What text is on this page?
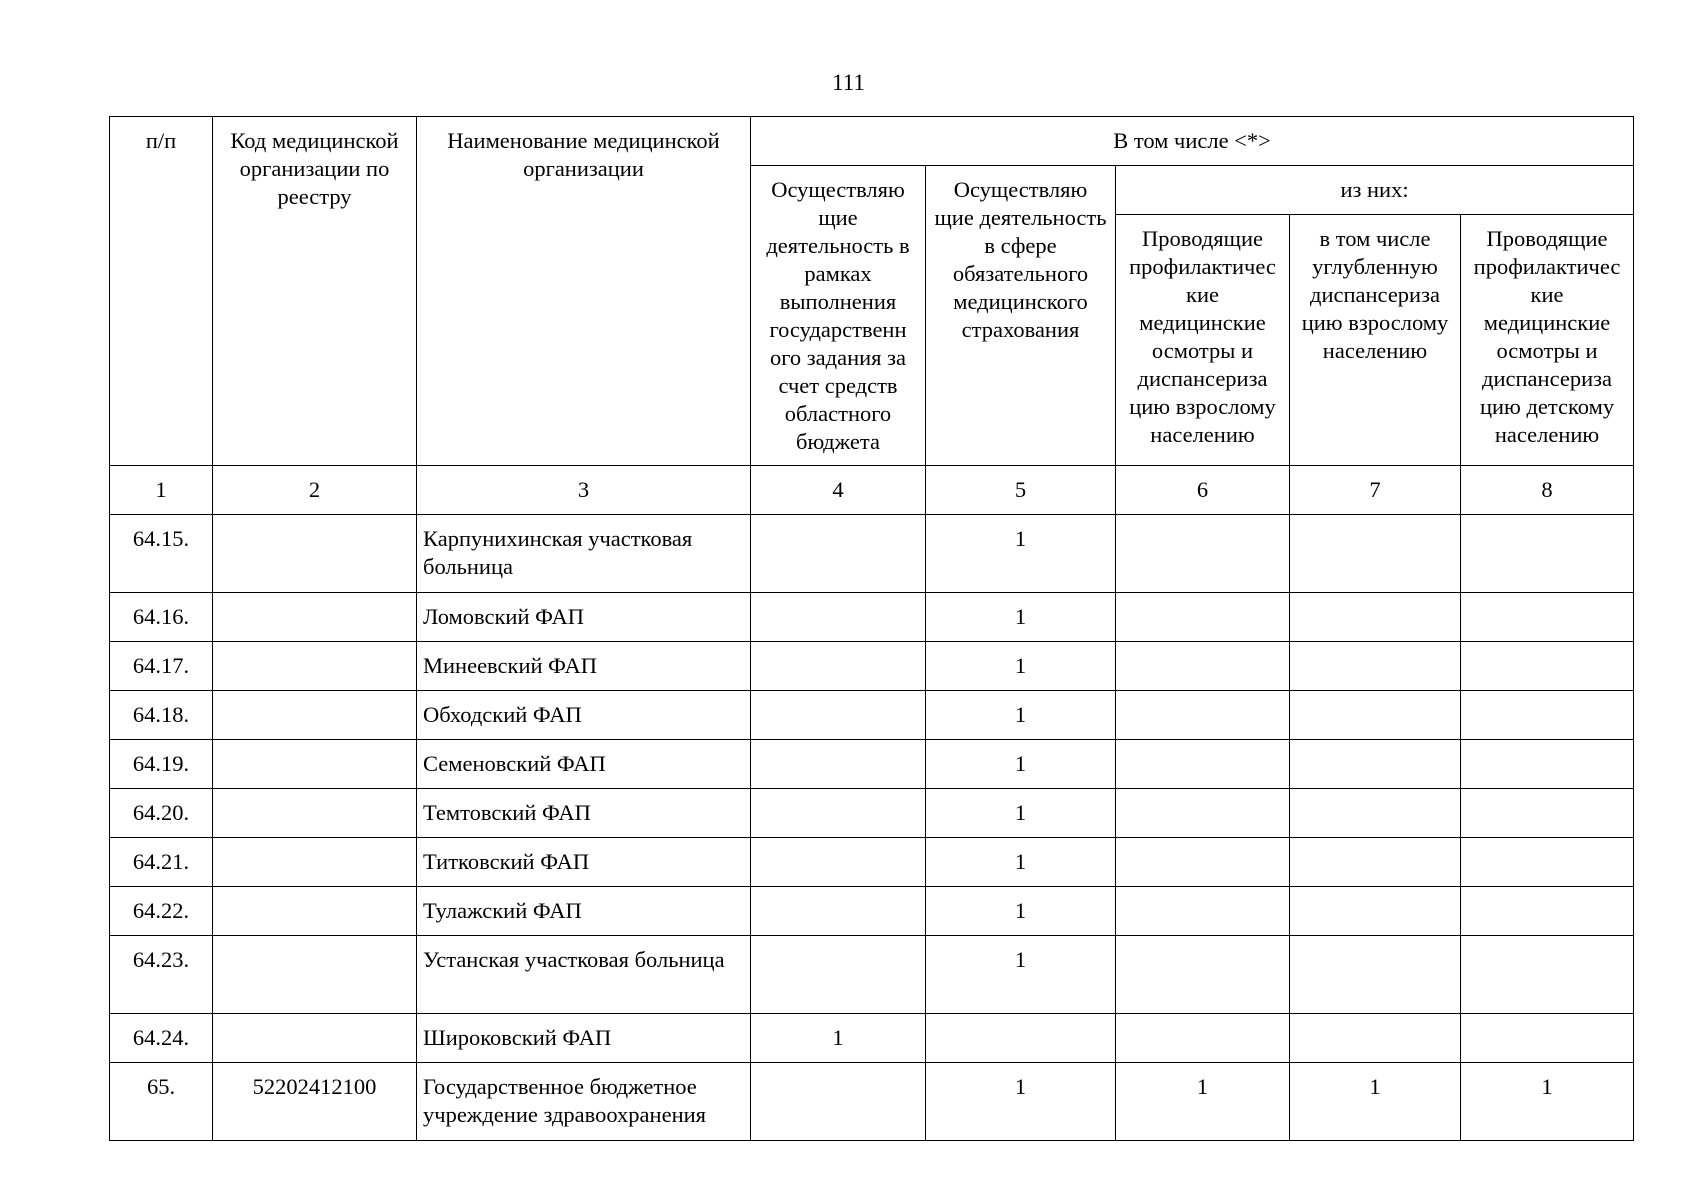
111
п/п	Код медицинской организации по реестру	Наименование медицинской организации	В том числе <*>				
			Осуществляю щие деятельность в рамках выполнения государственн ого задания за счет средств областного бюджета	Осуществляю щие деятельность в сфере обязательного медицинского страхования	из них:		
					Проводящие профилактичес кие медицинские осмотры и диспансериза цию взрослому населению	в том числе углубленную диспансериза цию взрослому населению	Проводящие профилактичес кие медицинские осмотры и диспансериза цию детскому населению
1	2	3	4	5	6	7	8
64.15.		Карпунихинская участковая больница		1			
64.16.		Ломовский ФАП		1			
64.17.		Минеевский ФАП		1			
64.18.		Обходский ФАП		1			
64.19.		Семеновский ФАП		1			
64.20.		Темтовский ФАП		1			
64.21.		Титковский ФАП		1			
64.22.		Тулажский ФАП		1			
64.23.		Устанская участковая больница		1			
64.24.		Широковский ФАП	1				
65.	52202412100	Государственное бюджетное учреждение здравоохранения		1	1	1	1
